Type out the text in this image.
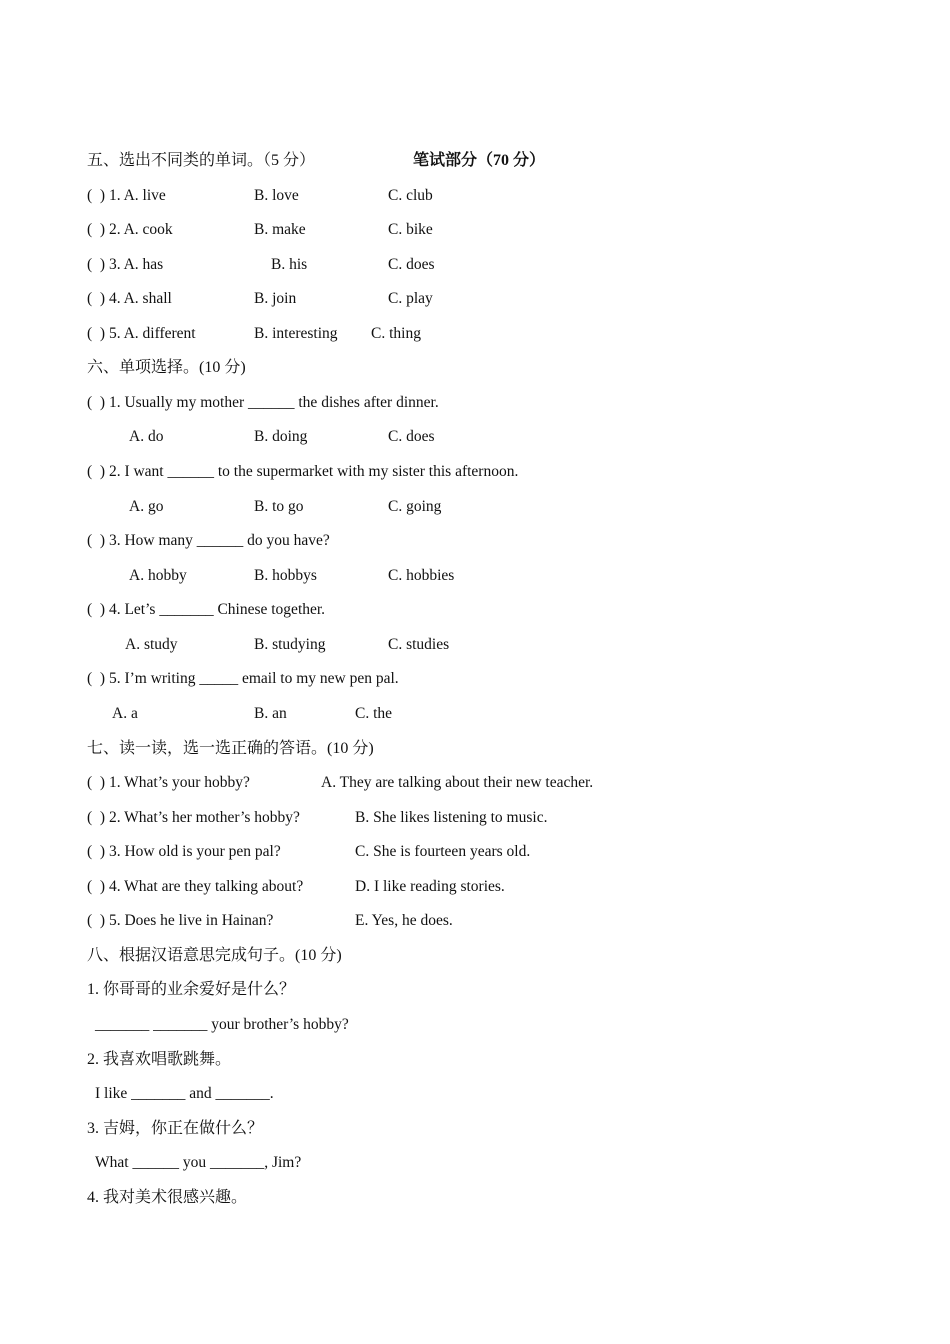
笔试部分（70 分）

五、选出不同类的单词。（5 分）

(  ) 1. A. live

	B. love

	C. club

(  ) 2. A. cook

	B. make

	C. bike

(  ) 3. A. has

	B. his

	C. does

(  ) 4. A. shall

	B. join

	C. play

(  ) 5. A. different

	B. interesting

C. thing

六、单项选择。(10 分)

(  ) 1. Usually my mother ______ the dishes after dinner.

A. do

	B. doing

	C. does

(  ) 2. I want ______ to the supermarket with my sister this afternoon.

A. go

	B. to go

	C. going

(  ) 3. How many ______ do you have?

A. hobby

	B. hobbys

	C. hobbies

(  ) 4. Let’s _______ Chinese together.

A. study

	B. studying

	C. studies

(  ) 5. I’m writing _____ email to my new pen pal.

A. a

	B. an

	C. the

七、读一读，选一选正确的答语。(10 分)

(  ) 1. What’s your hobby?

	A. They are talking about their new teacher.

(  ) 2. What’s her mother’s hobby?

	B. She likes listening to music.

(  ) 3. How old is your pen pal?

	C. She is fourteen years old.

(  ) 4. What are they talking about?

	D. I like reading stories.

(  ) 5. Does he live in Hainan?

	E. Yes, he does.

八、根据汉语意思完成句子。(10 分)

1. 你哥哥的业余爱好是什么？

_______ _______ your brother’s hobby?

2. 我喜欢唱歌跳舞。

I like _______ and _______.

3. 吉姆，你正在做什么？

What ______ you _______, Jim?

4. 我对美术很感兴趣。
